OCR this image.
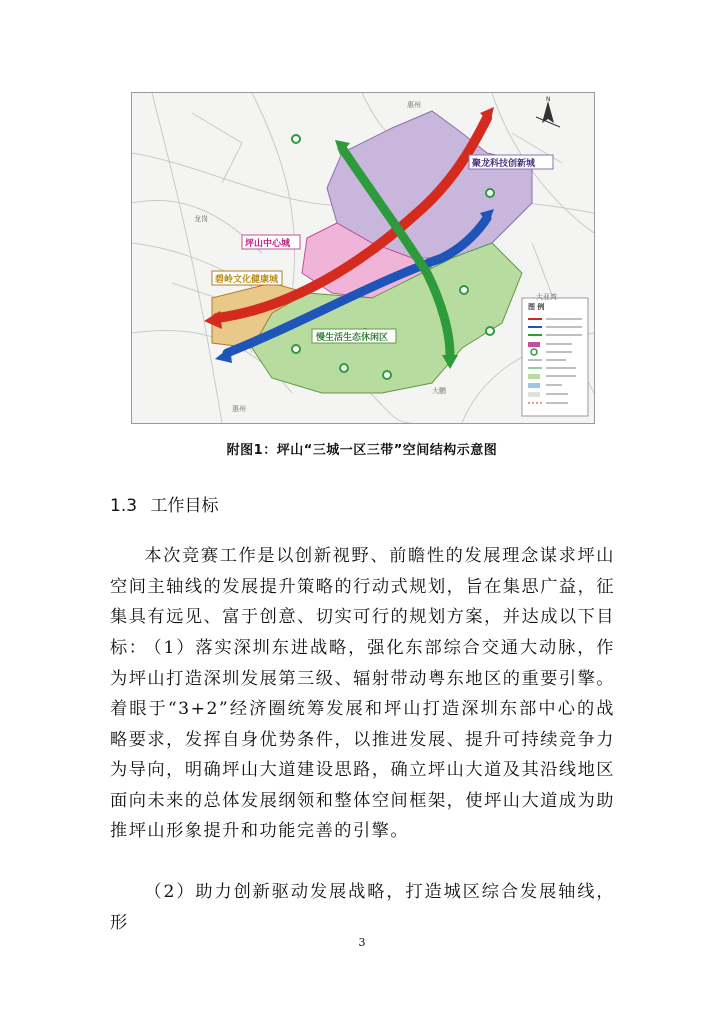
惠州
N
聚龙科技创新城
坪山中心城
碧岭文化健康城
慢生活生态休闲区
龙岗
大亚湾
大鹏
惠州
图 例
附图1：坪山“三城一区三带”空间结构示意图
1.3 工作目标

本次竞赛工作是以创新视野、前瞻性的发展理念谋求坪山空间主轴线的发展提升策略的行动式规划，旨在集思广益，征集具有远见、富于创意、切实可行的规划方案，并达成以下目标：

（1）落实深圳东进战略，强化东部综合交通大动脉，作为坪山打造深圳发展第三级、辐射带动粤东地区的重要引擎。着眼于“3+2”经济圈统筹发展和坪山打造深圳东部中心的战略要求，发挥自身优势条件，以推进发展、提升可持续竞争力为导向，明确坪山大道建设思路，确立坪山大道及其沿线地区面向未来的总体发展纲领和整体空间框架，使坪山大道成为助推坪山形象提升和功能完善的引擎。

（2）助力创新驱动发展战略，打造城区综合发展轴线，形

3
